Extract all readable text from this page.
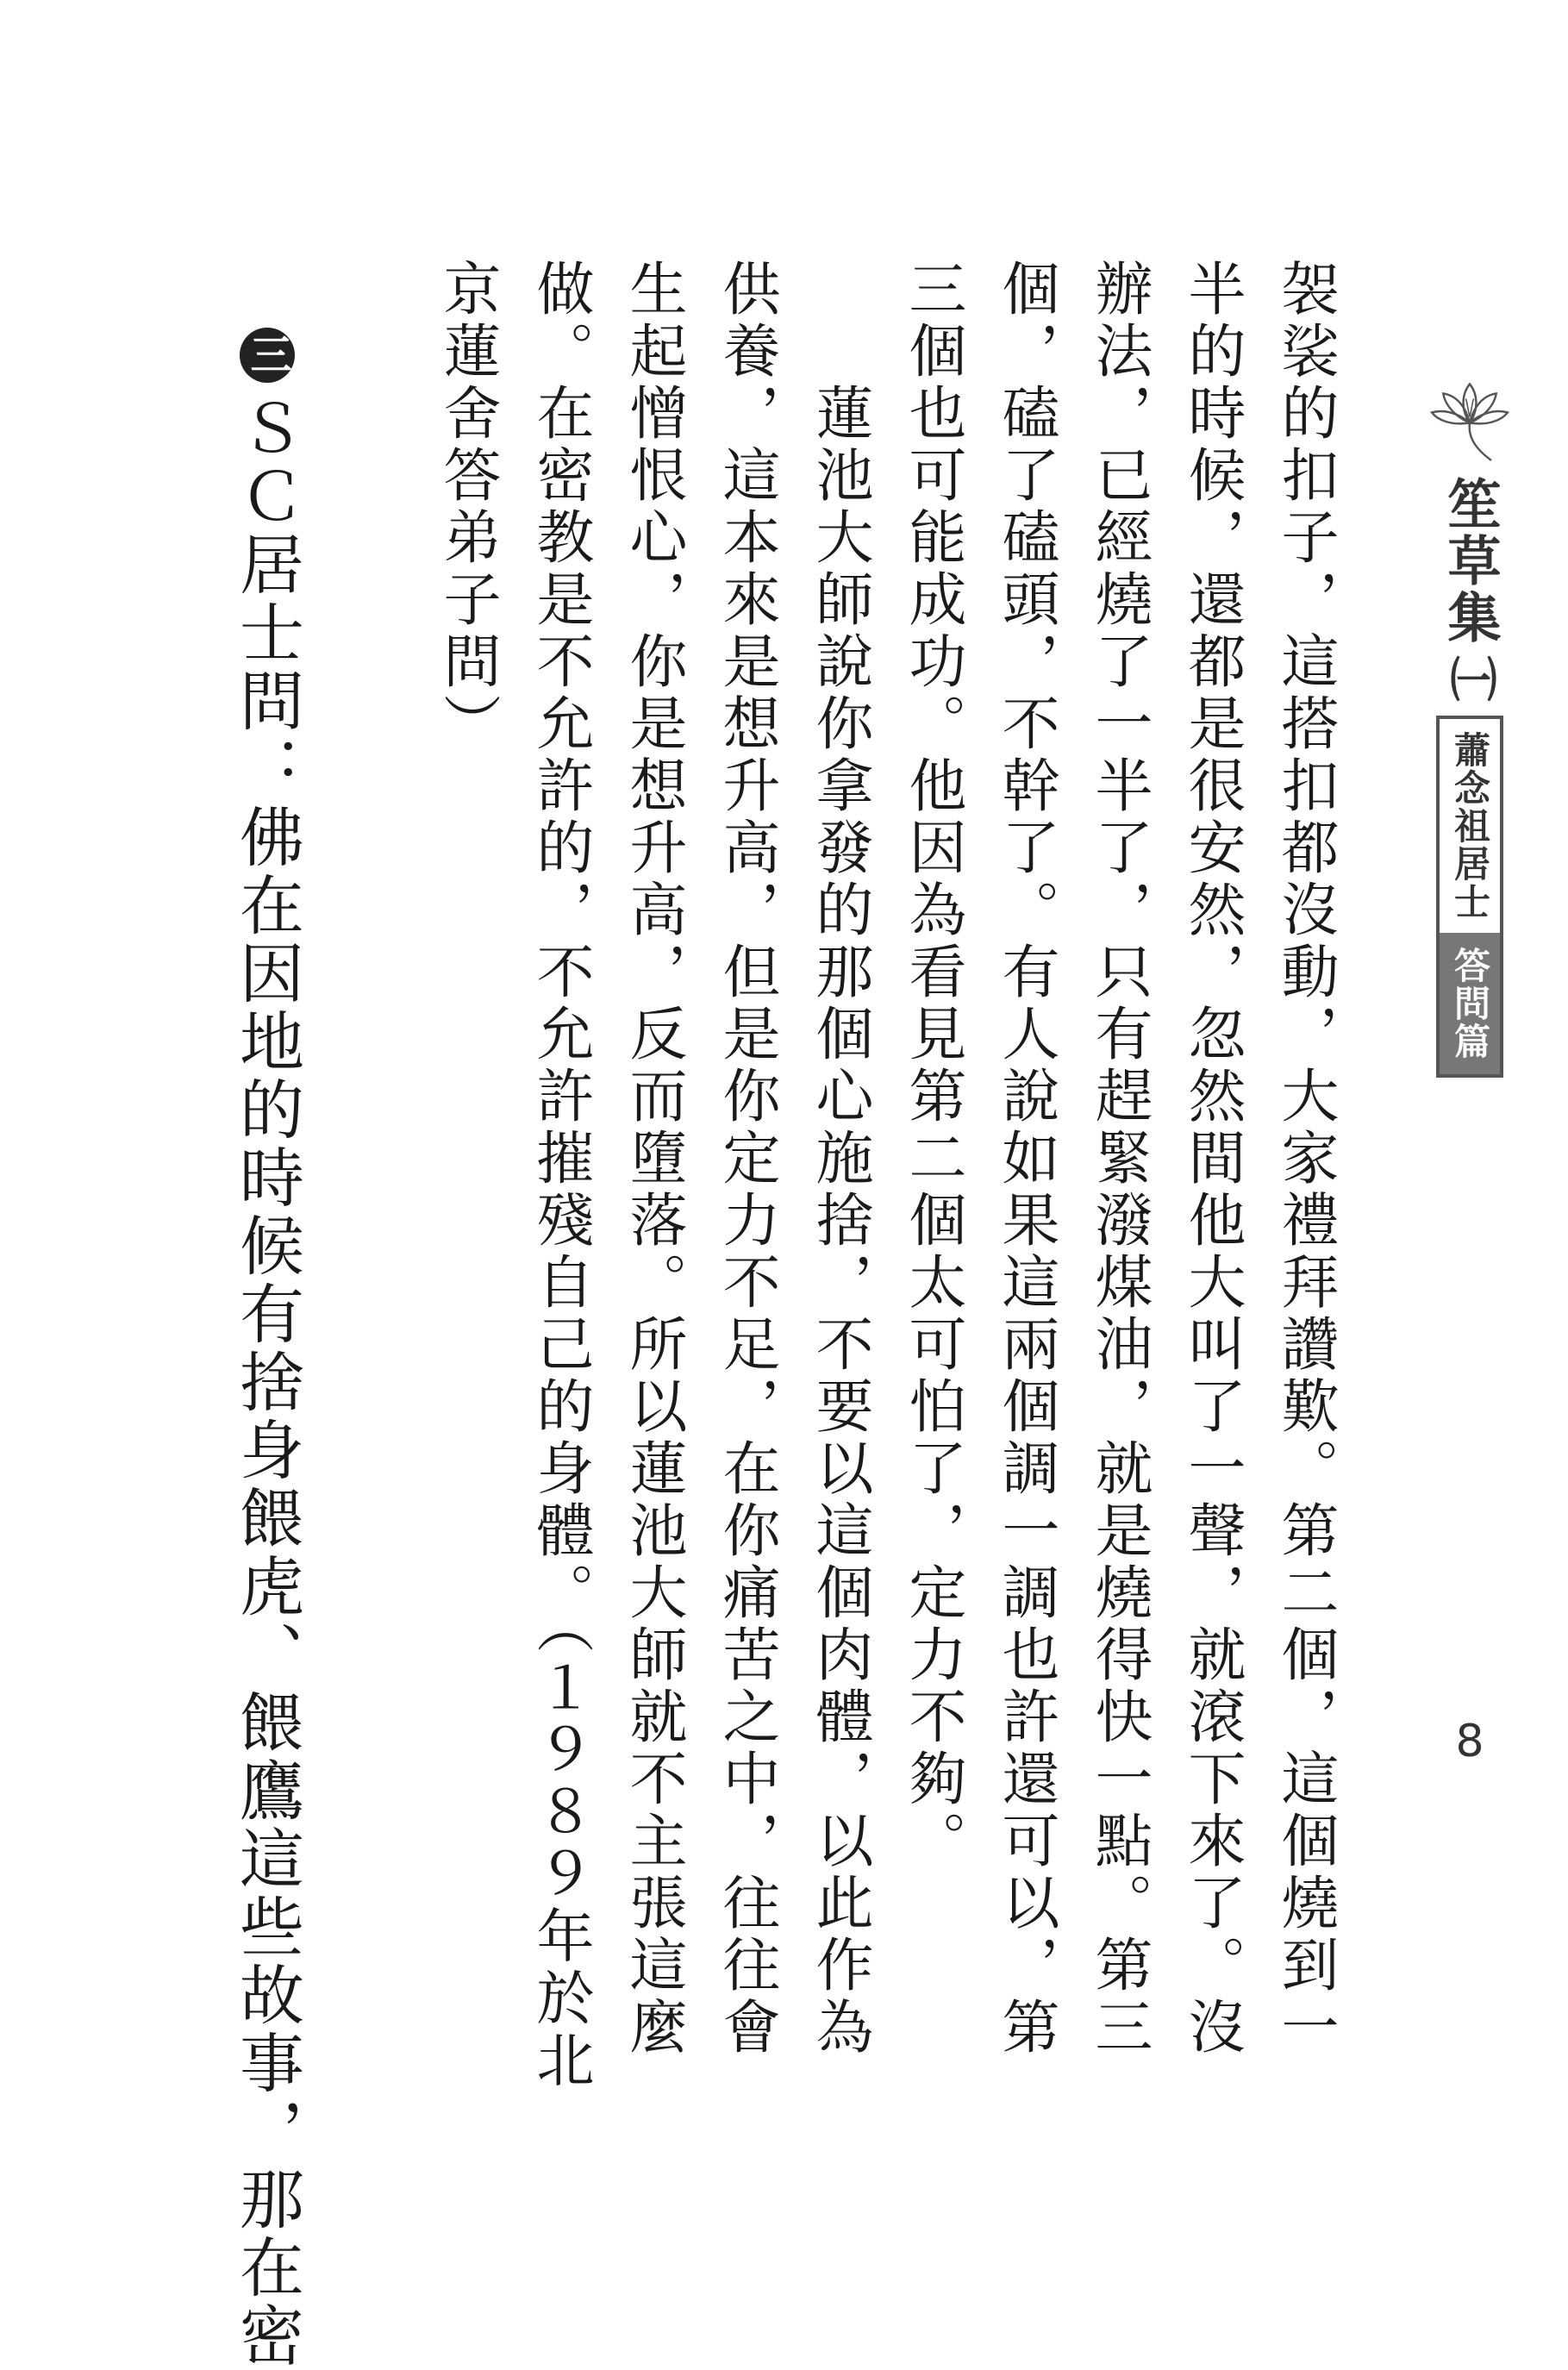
笙草集
㈠
蕭念祖居士
答問篇
8

袈裟的扣子，這搭扣都沒動，大家禮拜讚歎。第二個，這個燒到一
半的時候，還都是很安然，忽然間他大叫了一聲，就滾下來了。沒
辦法，已經燒了一半了，只有趕緊潑煤油，就是燒得快一點。第三
個，磕了磕頭，不幹了。有人說如果這兩個調一調也許還可以，第
三個也可能成功。他因為看見第二個太可怕了，定力不夠。
　　蓮池大師說你拿發的那個心施捨，不要以這個肉體，以此作為
供養，這本來是想升高，但是你定力不足，在你痛苦之中，往往會
生起憎恨心，你是想升高，反而墮落。所以蓮池大師就不主張這麼
做。在密教是不允許的，不允許摧殘自己的身體。（１９８９年於北
京蓮舍答弟子問）

三ＳＣ居士問：佛在因地的時候有捨身餵虎、餵鷹這些故事，那在密
